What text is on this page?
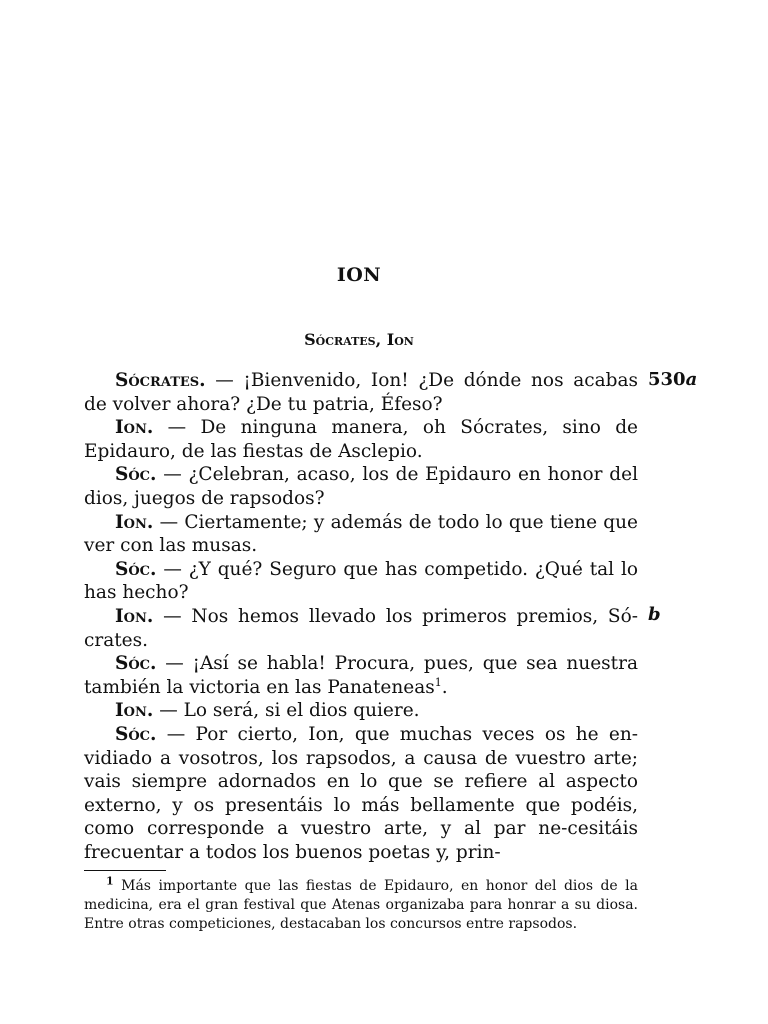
ION
Sócrates, Ion
530a
b

Sócrates. — ¡Bienvenido, Ion! ¿De dónde nos acabas de volver ahora? ¿De tu patria, Éfeso?

Ion. — De ninguna manera, oh Sócrates, sino de Epidauro, de las fiestas de Asclepio.

Sóc. — ¿Celebran, acaso, los de Epidauro en honor del dios, juegos de rapsodos?

Ion. — Ciertamente; y además de todo lo que tiene que ver con las musas.

Sóc. — ¿Y qué? Seguro que has competido. ¿Qué tal lo has hecho?

Ion. — Nos hemos llevado los primeros premios, Só-crates.

Sóc. — ¡Así se habla! Procura, pues, que sea nuestra también la victoria en las Panateneas$^1$.

Ion. — Lo será, si el dios quiere.

Sóc. — Por cierto, Ion, que muchas veces os he en-vidiado a vosotros, los rapsodos, a causa de vuestro arte; vais siempre adornados en lo que se refiere al aspecto externo, y os presentáis lo más bellamente que podéis, como corresponde a vuestro arte, y al par ne-cesitáis frecuentar a todos los buenos poetas y, prin-

$^1$ Más importante que las fiestas de Epidauro, en honor del dios de la medicina, era el gran festival que Atenas organizaba para honrar a su diosa. Entre otras competiciones, destacaban los concursos entre rapsodos.
